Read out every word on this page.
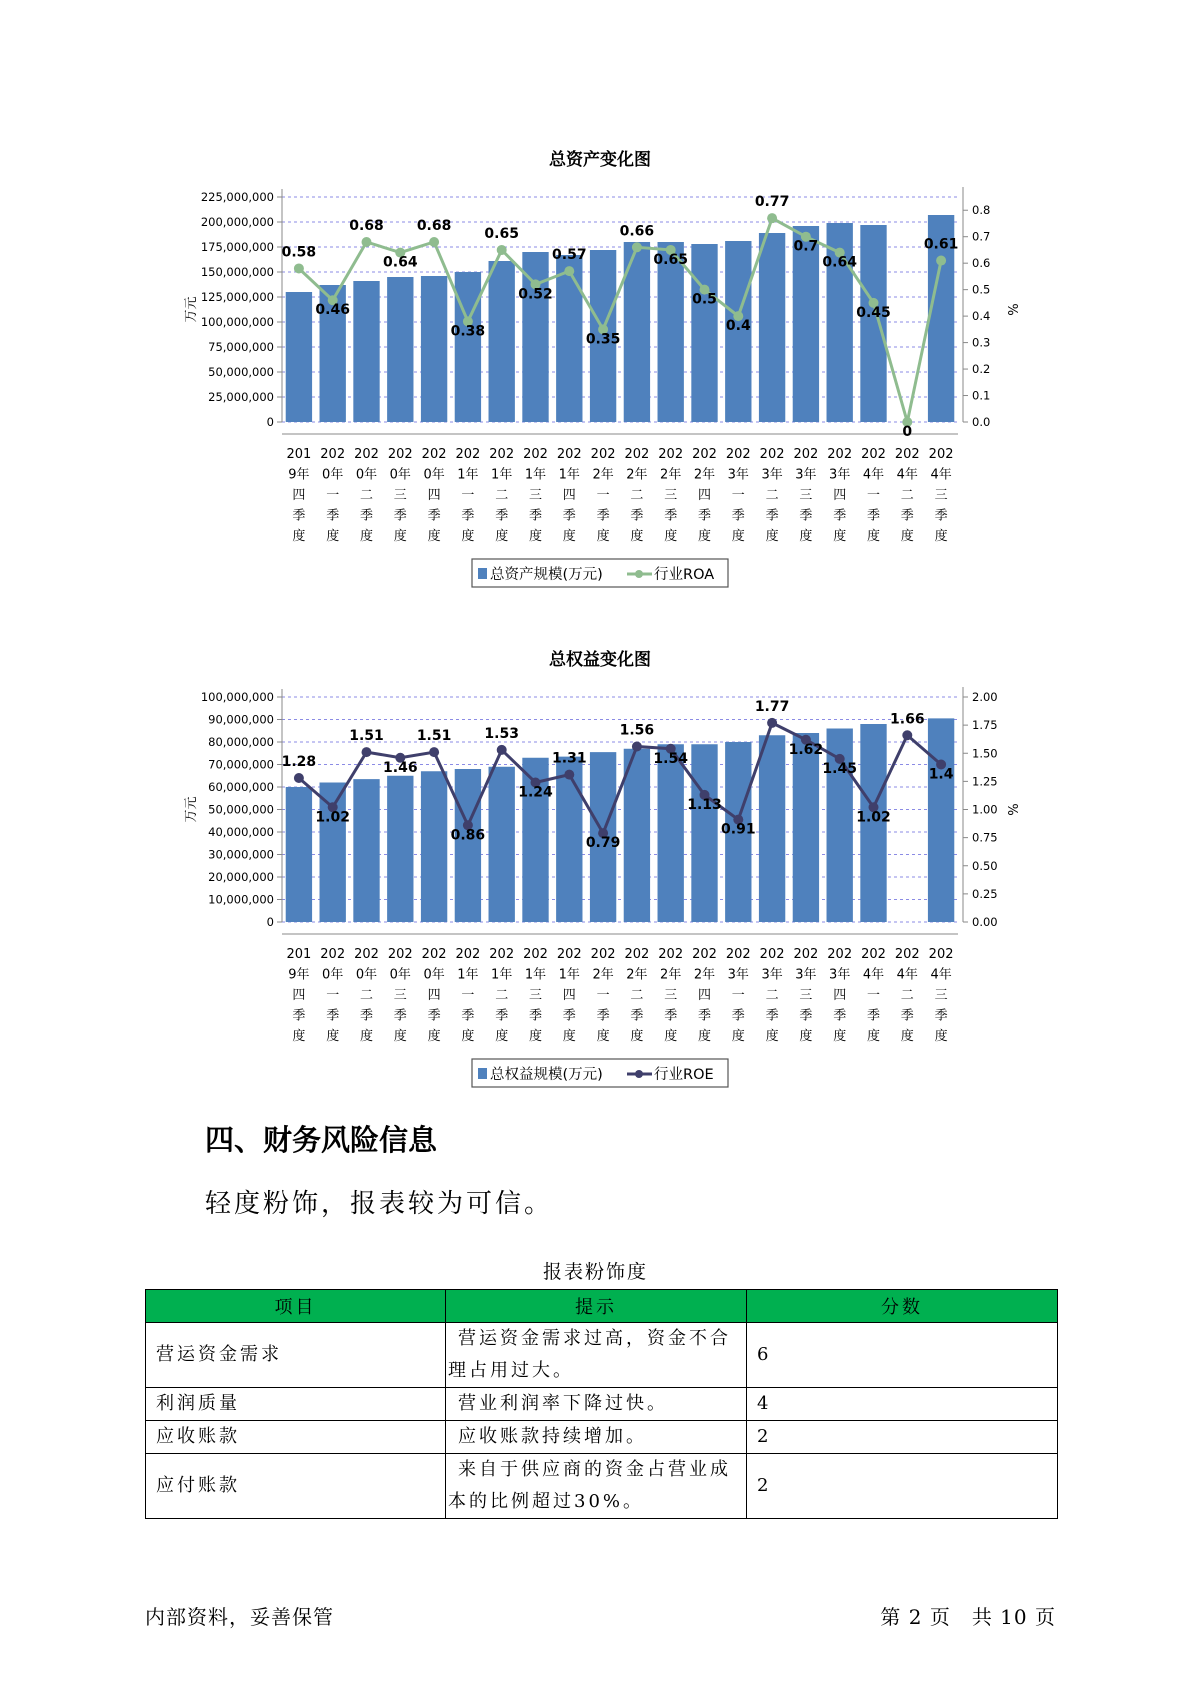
总资产变化图
0
25,000,000
50,000,000
75,000,000
100,000,000
125,000,000
150,000,000
175,000,000
200,000,000
225,000,000
0.0
0.1
0.2
0.3
0.4
0.5
0.6
0.7
0.8
万元	%
201
9年
四
季
度
202
0年
一
季
度
202
0年
二
季
度
202
0年
三
季
度
202
0年
四
季
度
202
1年
一
季
度
202
1年
二
季
度
202
1年
三
季
度
202
1年
四
季
度
202
2年
一
季
度
202
2年
二
季
度
202
2年
三
季
度
202
2年
四
季
度
202
3年
一
季
度
202
3年
二
季
度
202
3年
三
季
度
202
3年
四
季
度
202
4年
一
季
度
202
4年
二
季
度
202
4年
三
季
度
0.58
0.46
0.68
0.64
0.68
0.38
0.65
0.52
0.57
0.35
0.66
0.65
0.5
0.4
0.77
0.7
0.64
0.45
0
0.61
总资产规模(万元)	行业ROA
总权益变化图
0
10,000,000
20,000,000
30,000,000
40,000,000
50,000,000
60,000,000
70,000,000
80,000,000
90,000,000
100,000,000
0.00
0.25
0.50
0.75
1.00
1.25
1.50
1.75
2.00
万元	%
201
9年
四
季
度
202
0年
一
季
度
202
0年
二
季
度
202
0年
三
季
度
202
0年
四
季
度
202
1年
一
季
度
202
1年
二
季
度
202
1年
三
季
度
202
1年
四
季
度
202
2年
一
季
度
202
2年
二
季
度
202
2年
三
季
度
202
2年
四
季
度
202
3年
一
季
度
202
3年
二
季
度
202
3年
三
季
度
202
3年
四
季
度
202
4年
一
季
度
202
4年
二
季
度
202
4年
三
季
度
1.28
1.02
1.51
1.46
1.51
0.86
1.53
1.24
1.31
0.79
1.56
1.54
1.13
0.91
1.77
1.62
1.45
1.02
1.66
1.4
总权益规模(万元)	行业ROE
四、财务风险信息

轻度粉饰，报表较为可信。

报表粉饰度
项目	提示	分数
营运资金需求	营运资金需求过高，资金不合理占用过大。	6
利润质量	营业利润率下降过快。	4
应收账款	应收账款持续增加。	2
应付账款	来自于供应商的资金占营业成本的比例超过30%。	2
内部资料，妥善保管	第 2 页　共 10 页
